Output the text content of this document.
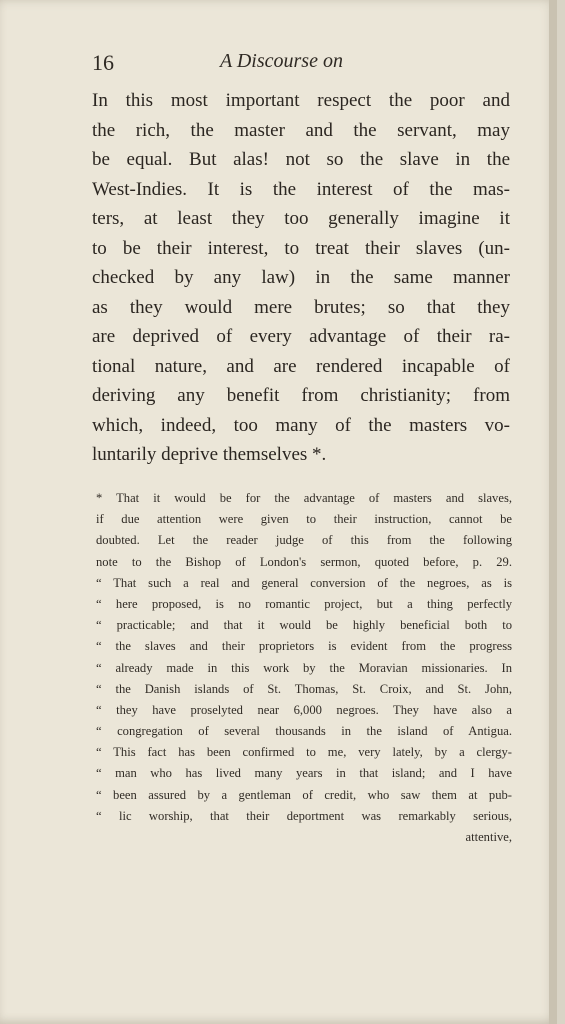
16	A Discourse on
In this most important respect the poor and
the rich, the master and the servant, may
be equal. But alas! not so the slave in the
West-Indies. It is the interest of the mas-
ters, at least they too generally imagine it
to be their interest, to treat their slaves (un-
checked by any law) in the same manner
as they would mere brutes; so that they
are deprived of every advantage of their ra-
tional nature, and are rendered incapable of
deriving any benefit from christianity; from
which, indeed, too many of the masters vo-
luntarily deprive themselves *.
* That it would be for the advantage of masters and slaves,
if due attention were given to their instruction, cannot be
doubted. Let the reader judge of this from the following
note to the Bishop of London's sermon, quoted before, p. 29.
“ That such a real and general conversion of the negroes, as is
“ here proposed, is no romantic project, but a thing perfectly
“ practicable; and that it would be highly beneficial both to
“ the slaves and their proprietors is evident from the progress
“ already made in this work by the Moravian missionaries. In
“ the Danish islands of St. Thomas, St. Croix, and St. John,
“ they have proselyted near 6,000 negroes. They have also a
“ congregation of several thousands in the island of Antigua.
“ This fact has been confirmed to me, very lately, by a clergy-
“ man who has lived many years in that island; and I have
“ been assured by a gentleman of credit, who saw them at pub-
“ lic worship, that their deportment was remarkably serious,
attentive,
